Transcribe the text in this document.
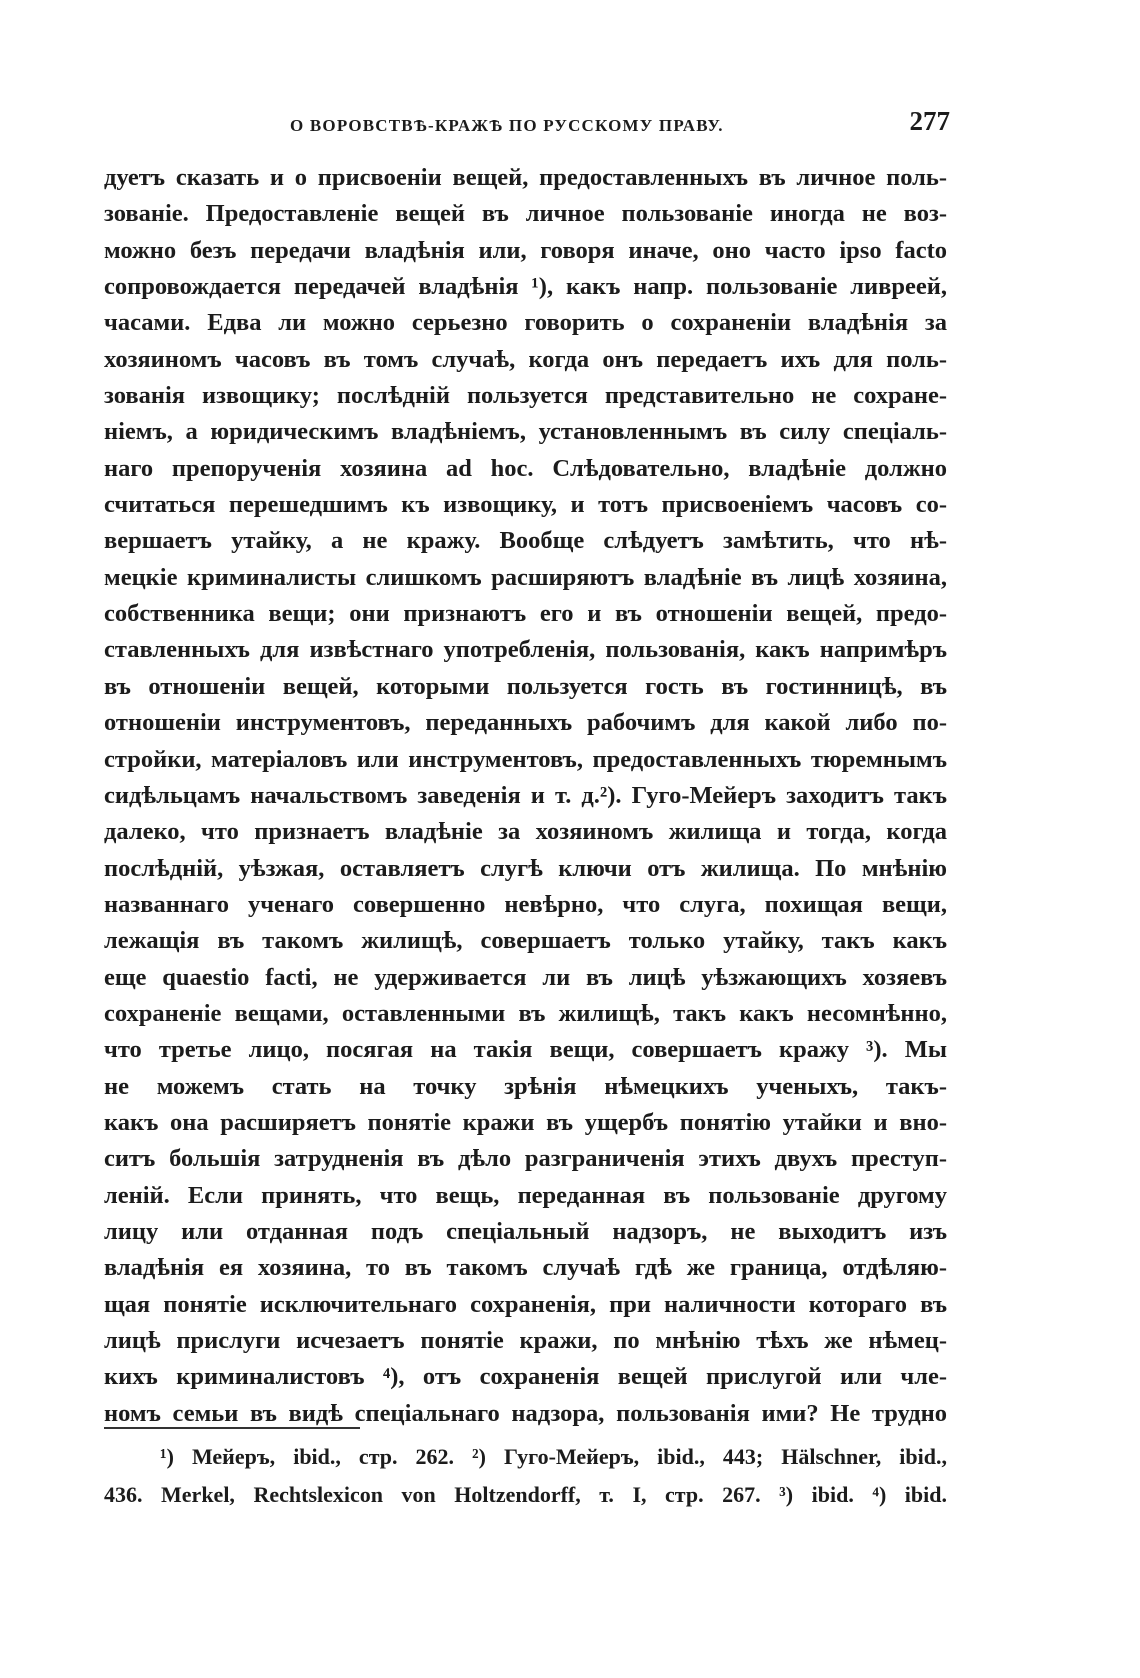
О ВОРОВСТВѢ-КРАЖѢ ПО РУССКОМУ ПРАВУ.	277
дуетъ сказать и о присвоеніи вещей, предоставленныхъ въ личное поль-
зованіе. Предоставленіе вещей въ личное пользованіе иногда не воз-
можно безъ передачи владѣнія или, говоря иначе, оно часто ipso facto
сопровождается передачей владѣнія ¹), какъ напр. пользованіе ливреей,
часами. Едва ли можно серьезно говорить о сохраненіи владѣнія за
хозяиномъ часовъ въ томъ случаѣ, когда онъ передаетъ ихъ для поль-
зованія извощику; послѣдній пользуется представительно не сохране-
ніемъ, а юридическимъ владѣніемъ, установленнымъ въ силу спеціаль-
наго препорученія хозяина ad hoc. Слѣдовательно, владѣніе должно
считаться перешедшимъ къ извощику, и тотъ присвоеніемъ часовъ со-
вершаетъ утайку, а не кражу. Вообще слѣдуетъ замѣтить, что нѣ-
мецкіе криминалисты слишкомъ расширяютъ владѣніе въ лицѣ хозяина,
собственника вещи; они признаютъ его и въ отношеніи вещей, предо-
ставленныхъ для извѣстнаго употребленія, пользованія, какъ напримѣръ
въ отношеніи вещей, которыми пользуется гость въ гостинницѣ, въ
отношеніи инструментовъ, переданныхъ рабочимъ для какой либо по-
стройки, матеріаловъ или инструментовъ, предоставленныхъ тюремнымъ
сидѣльцамъ начальствомъ заведенія и т. д.²). Гуго-Мейеръ заходитъ такъ
далеко, что признаетъ владѣніе за хозяиномъ жилища и тогда, когда
послѣдній, уѣзжая, оставляетъ слугѣ ключи отъ жилища. По мнѣнію
названнаго ученаго совершенно невѣрно, что слуга, похищая вещи,
лежащія въ такомъ жилищѣ, совершаетъ только утайку, такъ какъ
еще quaestio facti, не удерживается ли въ лицѣ уѣзжающихъ хозяевъ
сохраненіе вещами, оставленными въ жилищѣ, такъ какъ несомнѣнно,
что третье лицо, посягая на такія вещи, совершаетъ кражу ³). Мы
не можемъ стать на точку зрѣнія нѣмецкихъ ученыхъ, такъ-
какъ она расширяетъ понятіе кражи въ ущербъ понятію утайки и вно-
ситъ большія затрудненія въ дѣло разграниченія этихъ двухъ преступ-
леній. Если принять, что вещь, переданная въ пользованіе другому
лицу или отданная подъ спеціальный надзоръ, не выходитъ изъ
владѣнія ея хозяина, то въ такомъ случаѣ гдѣ же граница, отдѣляю-
щая понятіе исключительнаго сохраненія, при наличности котораго въ
лицѣ прислуги исчезаетъ понятіе кражи, по мнѣнію тѣхъ же нѣмец-
кихъ криминалистовъ ⁴), отъ сохраненія вещей прислугой или чле-
номъ семьи въ видѣ спеціальнаго надзора, пользованія ими? Не трудно
¹) Мейеръ, ibid., стр. 262. ²) Гуго-Мейеръ, ibid., 443; Hälschner, ibid.,
436. Merkel, Rechtslexicon von Holtzendorff, т. I, стр. 267. ³) ibid. ⁴) ibid.
